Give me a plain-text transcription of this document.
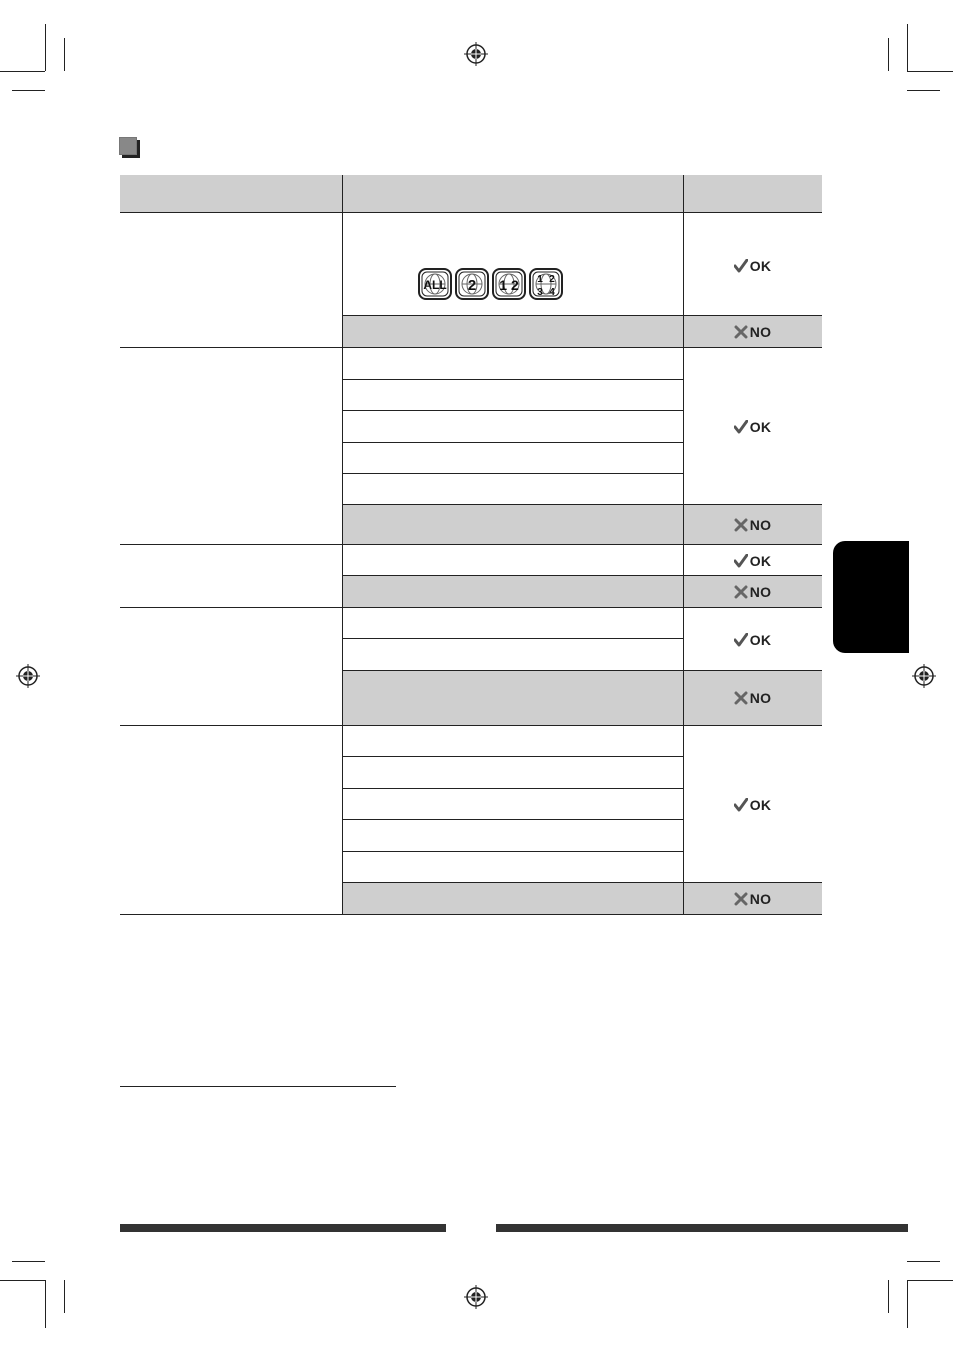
ALL 2 1 2 1 2
3 4
OK
NO
OK
NO
OK
NO
OK
NO
OK
NO
